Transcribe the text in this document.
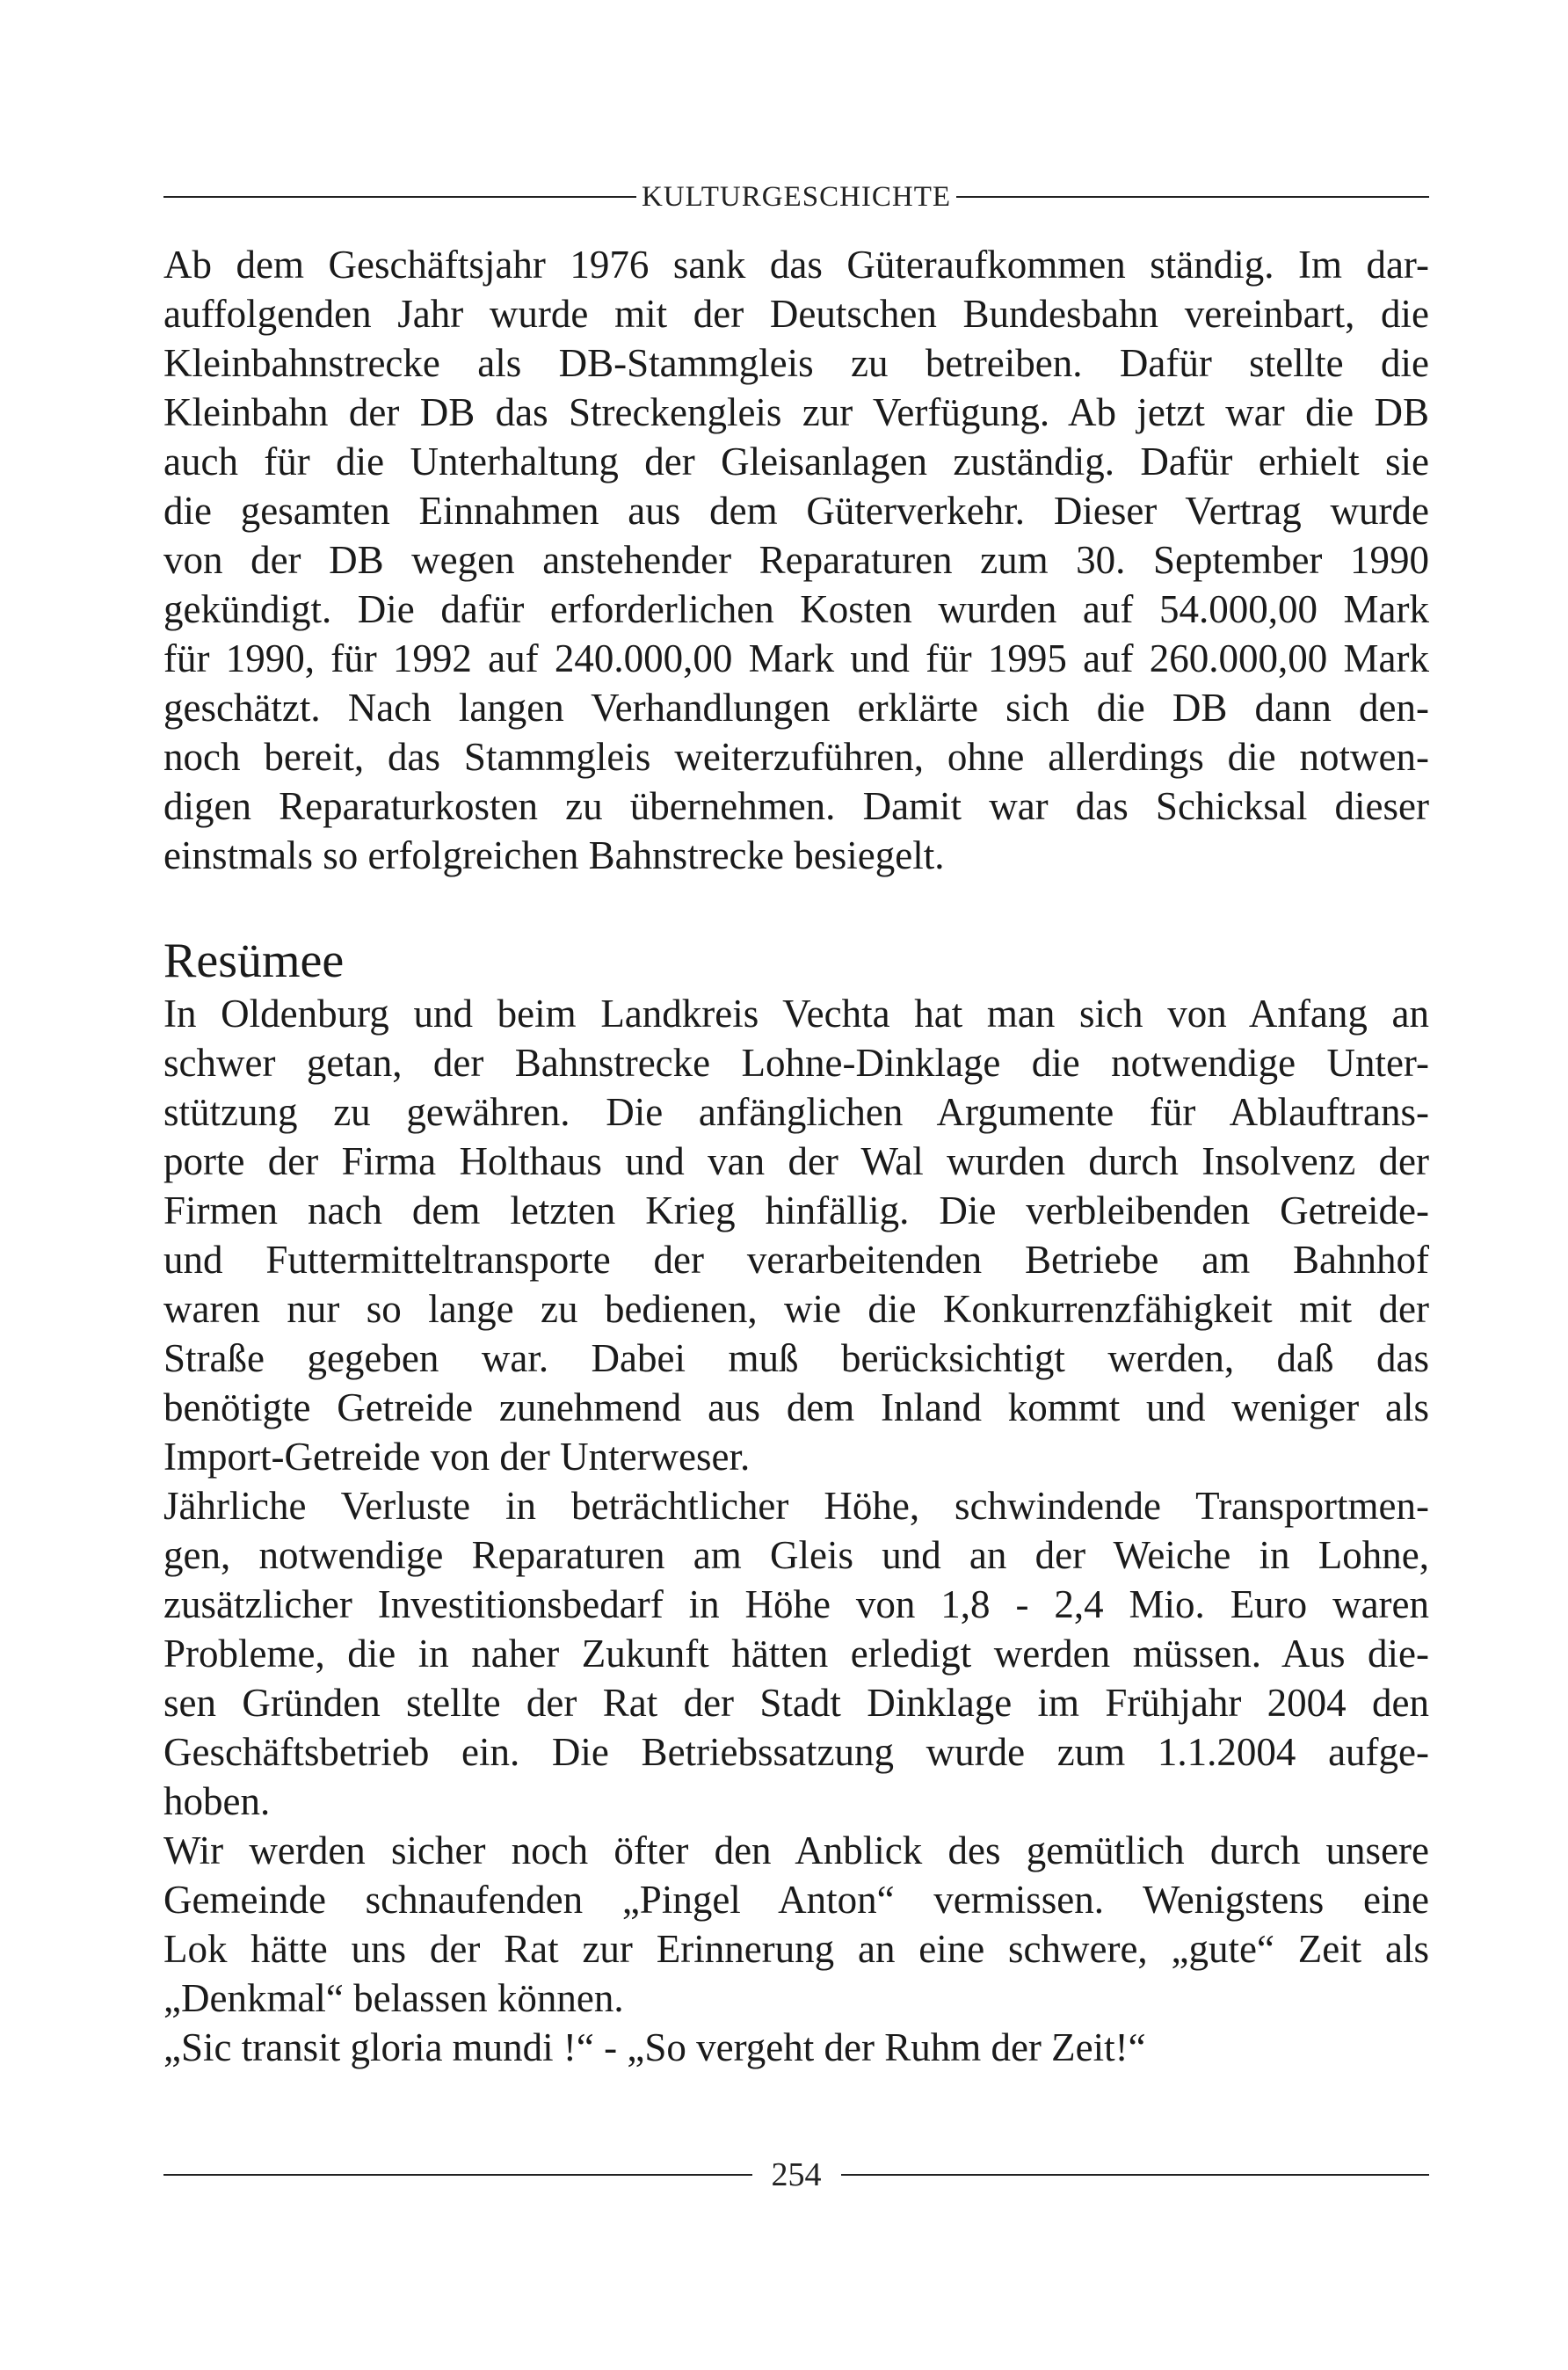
KULTURGESCHICHTE
Ab dem Geschäftsjahr 1976 sank das Güteraufkommen ständig. Im dar-
auffolgenden Jahr wurde mit der Deutschen Bundesbahn vereinbart, die
Kleinbahnstrecke als DB-Stammgleis zu betreiben. Dafür stellte die
Kleinbahn der DB das Streckengleis zur Verfügung. Ab jetzt war die DB
auch für die Unterhaltung der Gleisanlagen zuständig. Dafür erhielt sie
die gesamten Einnahmen aus dem Güterverkehr. Dieser Vertrag wurde
von der DB wegen anstehender Reparaturen zum 30. September 1990
gekündigt. Die dafür erforderlichen Kosten wurden auf 54.000,00 Mark
für 1990, für 1992 auf 240.000,00 Mark und für 1995 auf 260.000,00 Mark
geschätzt. Nach langen Verhandlungen erklärte sich die DB dann den-
noch bereit, das Stammgleis weiterzuführen, ohne allerdings die notwen-
digen Reparaturkosten zu übernehmen. Damit war das Schicksal dieser
einstmals so erfolgreichen Bahnstrecke besiegelt.
Resümee
In Oldenburg und beim Landkreis Vechta hat man sich von Anfang an
schwer getan, der Bahnstrecke Lohne-Dinklage die notwendige Unter-
stützung zu gewähren. Die anfänglichen Argumente für Ablauftrans-
porte der Firma Holthaus und van der Wal wurden durch Insolvenz der
Firmen nach dem letzten Krieg hinfällig. Die verbleibenden Getreide-
und Futtermitteltransporte der verarbeitenden Betriebe am Bahnhof
waren nur so lange zu bedienen, wie die Konkurrenzfähigkeit mit der
Straße gegeben war. Dabei muß berücksichtigt werden, daß das
benötigte Getreide zunehmend aus dem Inland kommt und weniger als
Import-Getreide von der Unterweser.
Jährliche Verluste in beträchtlicher Höhe, schwindende Transportmen-
gen, notwendige Reparaturen am Gleis und an der Weiche in Lohne,
zusätzlicher Investitionsbedarf in Höhe von 1,8 - 2,4 Mio. Euro waren
Probleme, die in naher Zukunft hätten erledigt werden müssen. Aus die-
sen Gründen stellte der Rat der Stadt Dinklage im Frühjahr 2004 den
Geschäftsbetrieb ein. Die Betriebssatzung wurde zum 1.1.2004 aufge-
hoben.
Wir werden sicher noch öfter den Anblick des gemütlich durch unsere
Gemeinde schnaufenden „Pingel Anton“ vermissen. Wenigstens eine
Lok hätte uns der Rat zur Erinnerung an eine schwere, „gute“ Zeit als
„Denkmal“ belassen können.
„Sic transit gloria mundi !“ - „So vergeht der Ruhm der Zeit!“
254
